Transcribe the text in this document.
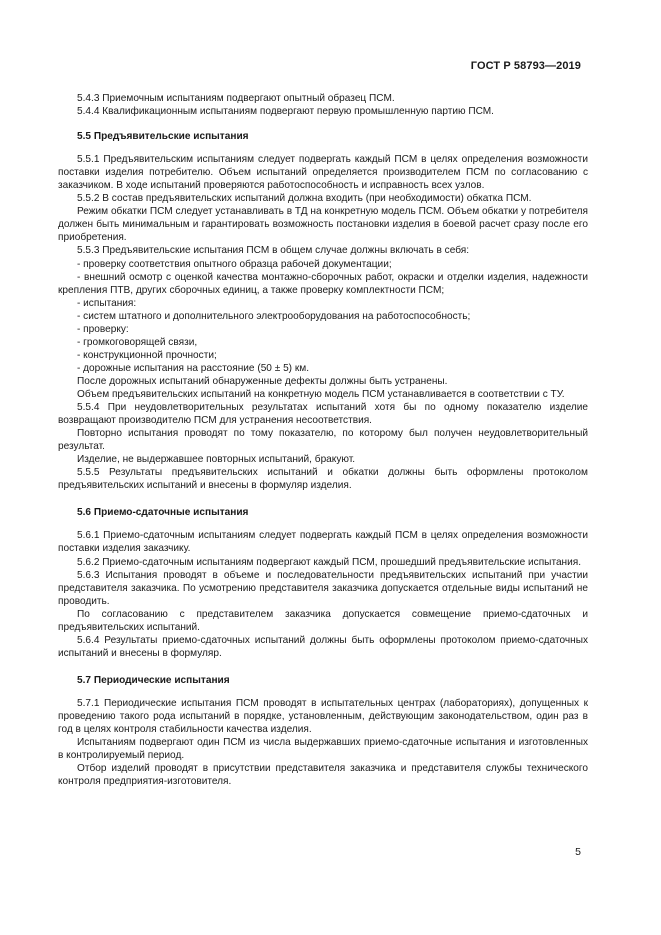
ГОСТ Р 58793—2019

5.4.3 Приемочным испытаниям подвергают опытный образец ПСМ.

5.4.4 Квалификационным испытаниям подвергают первую промышленную партию ПСМ.

5.5 Предъявительские испытания

5.5.1 Предъявительским испытаниям следует подвергать каждый ПСМ в целях определения возможности поставки изделия потребителю. Объем испытаний определяется производителем ПСМ по согласованию с заказчиком. В ходе испытаний проверяются работоспособность и исправность всех узлов.

5.5.2 В состав предъявительских испытаний должна входить (при необходимости) обкатка ПСМ.

Режим обкатки ПСМ следует устанавливать в ТД на конкретную модель ПСМ. Объем обкатки у потребителя должен быть минимальным и гарантировать возможность постановки изделия в боевой расчет сразу после его приобретения.

5.5.3 Предъявительские испытания ПСМ в общем случае должны включать в себя:

- проверку соответствия опытного образца рабочей документации;

- внешний осмотр с оценкой качества монтажно-сборочных работ, окраски и отделки изделия, надежности крепления ПТВ, других сборочных единиц, а также проверку комплектности ПСМ;

- испытания:

- систем штатного и дополнительного электрооборудования на работоспособность;

- проверку:

- громкоговорящей связи,

- конструкционной прочности;

- дорожные испытания на расстояние (50 ± 5) км.

После дорожных испытаний обнаруженные дефекты должны быть устранены.

Объем предъявительских испытаний на конкретную модель ПСМ устанавливается в соответствии с ТУ.

5.5.4 При неудовлетворительных результатах испытаний хотя бы по одному показателю изделие возвращают производителю ПСМ для устранения несоответствия.

Повторно испытания проводят по тому показателю, по которому был получен неудовлетворительный результат.

Изделие, не выдержавшее повторных испытаний, бракуют.

5.5.5 Результаты предъявительских испытаний и обкатки должны быть оформлены протоколом предъявительских испытаний и внесены в формуляр изделия.

5.6 Приемо-сдаточные испытания

5.6.1 Приемо-сдаточным испытаниям следует подвергать каждый ПСМ в целях определения возможности поставки изделия заказчику.

5.6.2 Приемо-сдаточным испытаниям подвергают каждый ПСМ, прошедший предъявительские испытания.

5.6.3 Испытания проводят в объеме и последовательности предъявительских испытаний при участии представителя заказчика. По усмотрению представителя заказчика допускается отдельные виды испытаний не проводить.

По согласованию с представителем заказчика допускается совмещение приемо-сдаточных и предъявительских испытаний.

5.6.4 Результаты приемо-сдаточных испытаний должны быть оформлены протоколом приемо-сдаточных испытаний и внесены в формуляр.

5.7 Периодические испытания

5.7.1 Периодические испытания ПСМ проводят в испытательных центрах (лабораториях), допущенных к проведению такого рода испытаний в порядке, установленным, действующим законодательством, один раз в год в целях контроля стабильности качества изделия.

Испытаниям подвергают один ПСМ из числа выдержавших приемо-сдаточные испытания и изготовленных в контролируемый период.

Отбор изделий проводят в присутствии представителя заказчика и представителя службы технического контроля предприятия-изготовителя.

5
